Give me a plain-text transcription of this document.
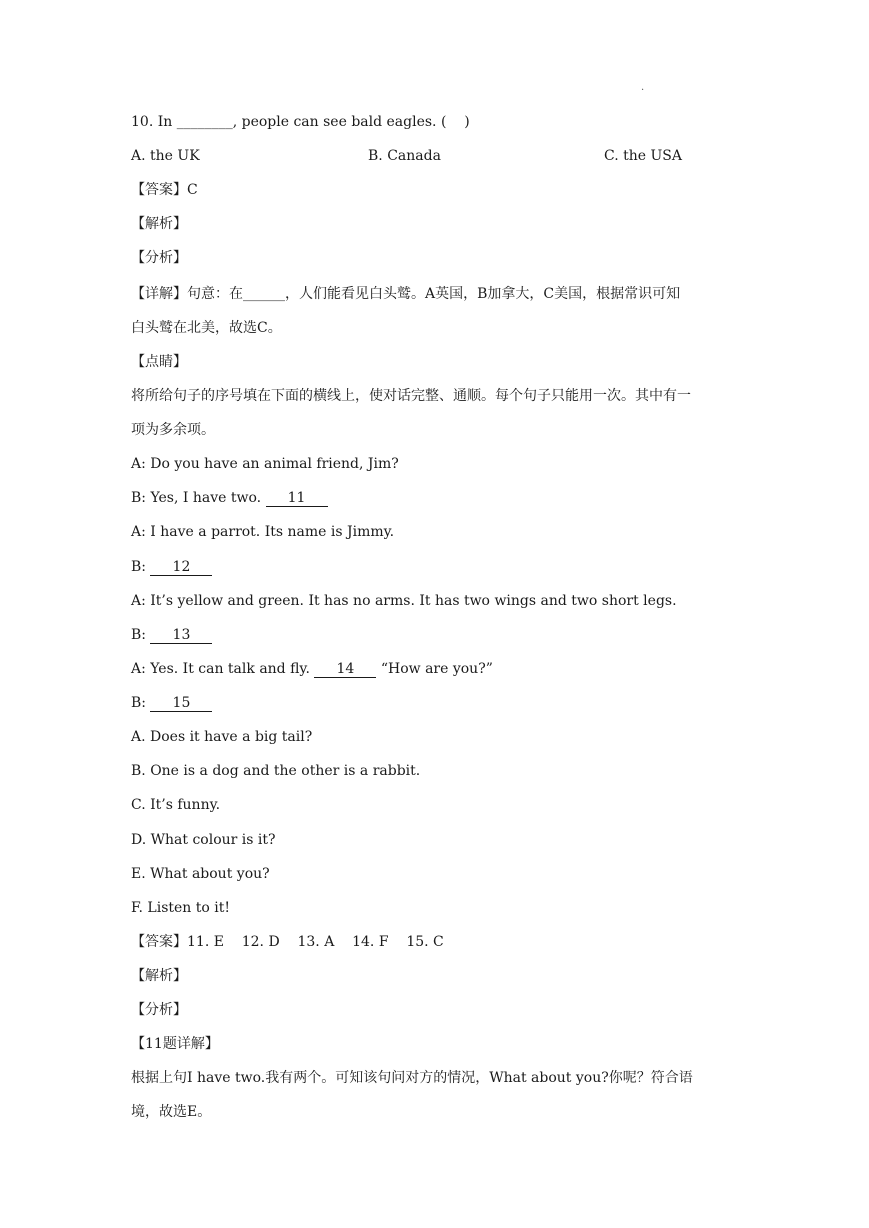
.
10. In ________, people can see bald eagles. (    )
A. the UK	B. Canada	C. the USA
【答案】C
【解析】
【分析】
【详解】句意：在______，人们能看见白头鹫。A英国，B加拿大，C美国，根据常识可知
白头鹫在北美，故选C。
【点睛】
将所给句子的序号填在下面的横线上，使对话完整、通顺。每个句子只能用一次。其中有一
项为多余项。
A: Do you have an animal friend, Jim?
B: Yes, I have two. 11
A: I have a parrot. Its name is Jimmy.
B: 12
A: It’s yellow and green. It has no arms. It has two wings and two short legs.
B: 13
A: Yes. It can talk and fly. 14 “How are you?”
B: 15
A. Does it have a big tail?
B. One is a dog and the other is a rabbit.
C. It’s funny.
D. What colour is it?
E. What about you?
F. Listen to it!
【答案】11. E    12. D    13. A    14. F    15. C
【解析】
【分析】
【11题详解】
根据上句I have two.我有两个。可知该句问对方的情况，What about you?你呢？符合语
境，故选E。
